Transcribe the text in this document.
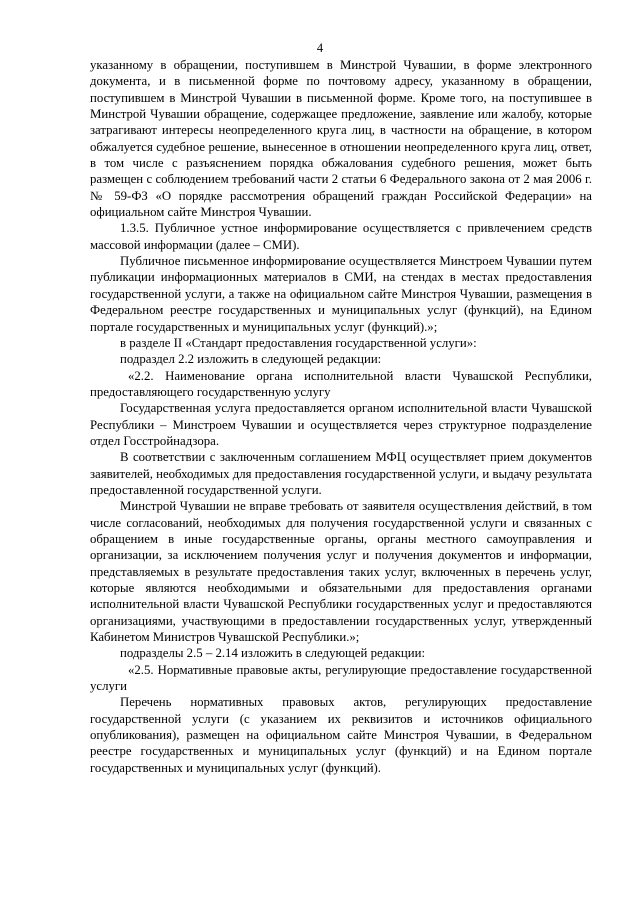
4

указанному в обращении, поступившем в Минстрой Чувашии, в форме электронного документа, и в письменной форме по почтовому адресу, указанному в обращении, поступившем в Минстрой Чувашии в письменной форме. Кроме того, на поступившее в Минстрой Чувашии обращение, содержащее предложение, заявление или жалобу, которые затрагивают интересы неопределенного круга лиц, в частности на обращение, в котором обжалуется судебное решение, вынесенное в отношении неопределенного круга лиц, ответ, в том числе с разъяснением порядка обжалования судебного решения, может быть размещен с соблюдением требований части 2 статьи 6 Федерального закона от 2 мая 2006 г. № 59-ФЗ «О порядке рассмотрения обращений граждан Российской Федерации» на официальном сайте Минстроя Чувашии.

1.3.5. Публичное устное информирование осуществляется с привлечением средств массовой информации (далее – СМИ).

Публичное письменное информирование осуществляется Минстроем Чувашии путем публикации информационных материалов в СМИ, на стендах в местах предоставления государственной услуги, а также на официальном сайте Минстроя Чувашии, размещения в Федеральном реестре государственных и муниципальных услуг (функций), на Едином портале государственных и муниципальных услуг (функций).»;

в разделе II «Стандарт предоставления государственной услуги»:

подраздел 2.2 изложить в следующей редакции:

«2.2. Наименование органа исполнительной власти Чувашской Республики, предоставляющего государственную услугу

Государственная услуга предоставляется органом исполнительной власти Чувашской Республики – Минстроем Чувашии и осуществляется через структурное подразделение отдел Госстройнадзора.

В соответствии с заключенным соглашением МФЦ осуществляет прием документов заявителей, необходимых для предоставления государственной услуги, и выдачу результата предоставленной государственной услуги.

Минстрой Чувашии не вправе требовать от заявителя осуществления действий, в том числе согласований, необходимых для получения государственной услуги и связанных с обращением в иные государственные органы, органы местного самоуправления и организации, за исключением получения услуг и получения документов и информации, представляемых в результате предоставления таких услуг, включенных в перечень услуг, которые являются необходимыми и обязательными для предоставления органами исполнительной власти Чувашской Республики государственных услуг и предоставляются организациями, участвующими в предоставлении государственных услуг, утвержденный Кабинетом Министров Чувашской Республики.»;

подразделы 2.5 – 2.14 изложить в следующей редакции:

«2.5. Нормативные правовые акты, регулирующие предоставление государственной услуги

Перечень нормативных правовых актов, регулирующих предоставление государственной услуги (с указанием их реквизитов и источников официального опубликования), размещен на официальном сайте Минстроя Чувашии, в Федеральном реестре государственных и муниципальных услуг (функций) и на Едином портале государственных и муниципальных услуг (функций).
